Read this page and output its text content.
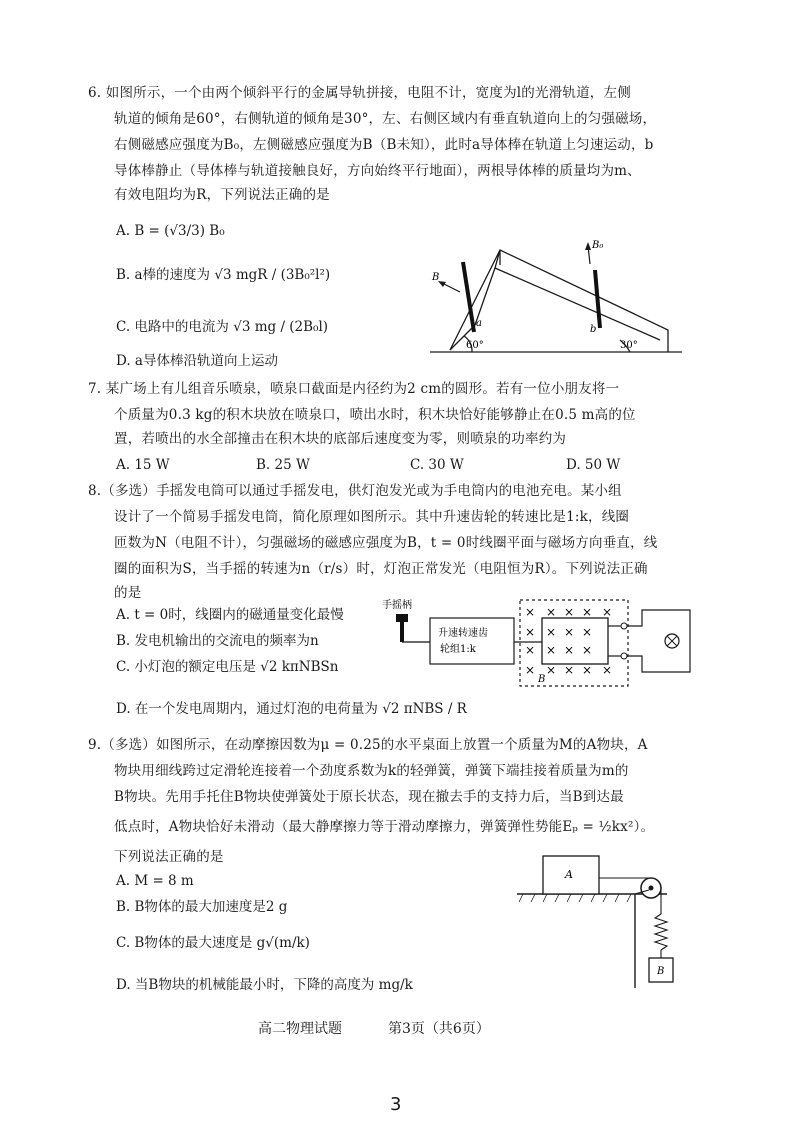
6. 如图所示，一个由两个倾斜平行的金属导轨拼接，电阻不计，宽度为l的光滑轨道，左侧
轨道的倾角是60°，右侧轨道的倾角是30°，左、右侧区域内有垂直轨道向上的匀强磁场，
右侧磁感应强度为B₀，左侧磁感应强度为B（B未知），此时a导体棒在轨道上匀速运动，b
导体棒静止（导体棒与轨道接触良好，方向始终平行地面），两根导体棒的质量均为m、
有效电阻均为R，下列说法正确的是
A. B = (√3/3) B₀
B. a棒的速度为 √3 mgR / (3B₀²l²)
C. 电路中的电流为 √3 mg / (2B₀l)
D. a导体棒沿轨道向上运动
B
B₀
a
b
60°	30°
7. 某广场上有儿组音乐喷泉，喷泉口截面是内径约为2 cm的圆形。若有一位小朋友将一
个质量为0.3 kg的积木块放在喷泉口，喷出水时，积木块恰好能够静止在0.5 m高的位
置，若喷出的水全部撞击在积木块的底部后速度变为零，则喷泉的功率约为
A. 15 W	B. 25 W	C. 30 W	D. 50 W
8.（多选）手摇发电筒可以通过手摇发电，供灯泡发光或为手电筒内的电池充电。某小组
设计了一个简易手摇发电筒，简化原理如图所示。其中升速齿轮的转速比是1:k，线圈
匝数为N（电阻不计），匀强磁场的磁感应强度为B，t = 0时线圈平面与磁场方向垂直，线
圈的面积为S，当手摇的转速为n（r/s）时，灯泡正常发光（电阻恒为R）。下列说法正确
的是
A. t = 0时，线圈内的磁通量变化最慢
B. 发电机输出的交流电的频率为n
C. 小灯泡的额定电压是 √2 kπNBSn
D. 在一个发电周期内，通过灯泡的电荷量为 √2 πNBS / R
手摇柄
升速转速齿
轮组1:k
× × × × ×
× × × ×
× × × ×
× × × × ×
B
9.（多选）如图所示，在动摩擦因数为μ = 0.25的水平桌面上放置一个质量为M的A物块，A
物块用细线跨过定滑轮连接着一个劲度系数为k的轻弹簧，弹簧下端挂接着质量为m的
B物块。先用手托住B物块使弹簧处于原长状态，现在撤去手的支持力后，当B到达最
低点时，A物块恰好未滑动（最大静摩擦力等于滑动摩擦力，弹簧弹性势能Eₚ = ½kx²）。
下列说法正确的是
A. M = 8 m
B. B物体的最大加速度是2 g
C. B物体的最大速度是 g√(m/k)
D. 当B物块的机械能最小时，下降的高度为 mg/k
A
B
高二物理试题	第3页（共6页）
3
